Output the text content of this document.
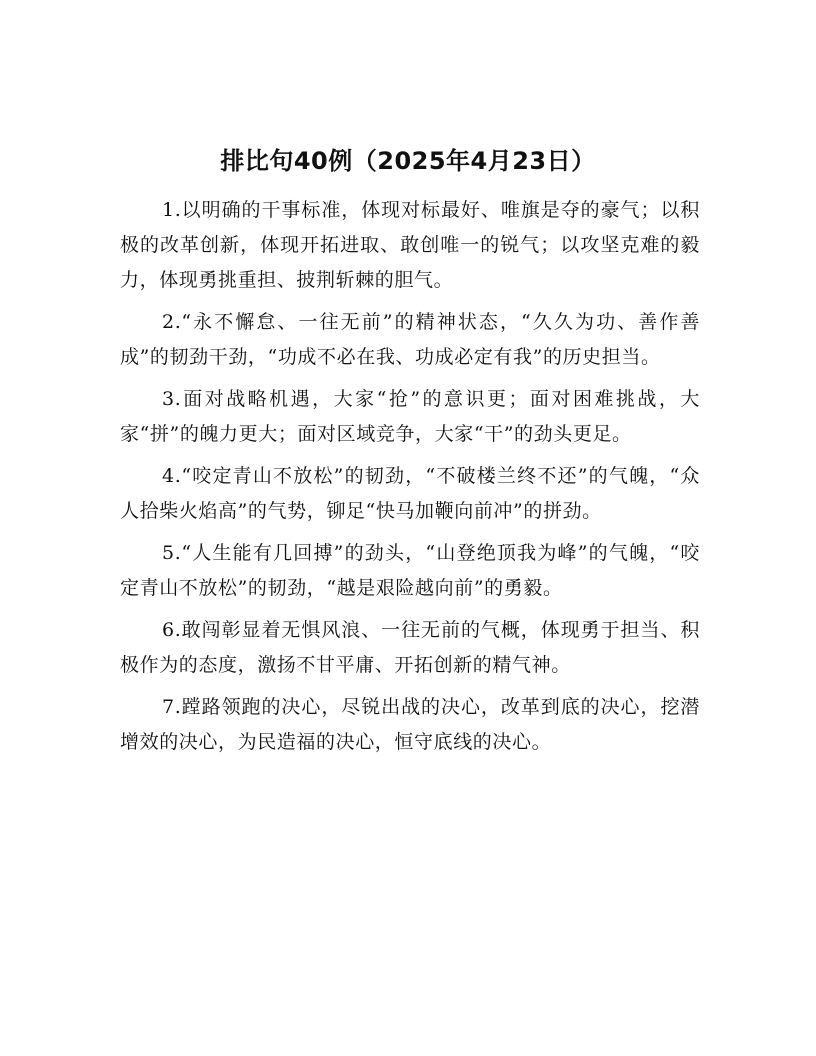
排比句40例（2025年4月23日）

1.以明确的干事标准，体现对标最好、唯旗是夺的豪气；以积极的改革创新，体现开拓进取、敢创唯一的锐气；以攻坚克难的毅力，体现勇挑重担、披荆斩棘的胆气。

2.“永不懈怠、一往无前”的精神状态，“久久为功、善作善成”的韧劲干劲，“功成不必在我、功成必定有我”的历史担当。

3.面对战略机遇，大家“抢”的意识更；面对困难挑战，大家“拼”的魄力更大；面对区域竞争，大家“干”的劲头更足。

4.“咬定青山不放松”的韧劲，“不破楼兰终不还”的气魄，“众人拾柴火焰高”的气势，铆足“快马加鞭向前冲”的拼劲。

5.“人生能有几回搏”的劲头，“山登绝顶我为峰”的气魄，“咬定青山不放松”的韧劲，“越是艰险越向前”的勇毅。

6.敢闯彰显着无惧风浪、一往无前的气概，体现勇于担当、积极作为的态度，激扬不甘平庸、开拓创新的精气神。

7.蹚路领跑的决心，尽锐出战的决心，改革到底的决心，挖潜增效的决心，为民造福的决心，恒守底线的决心。
